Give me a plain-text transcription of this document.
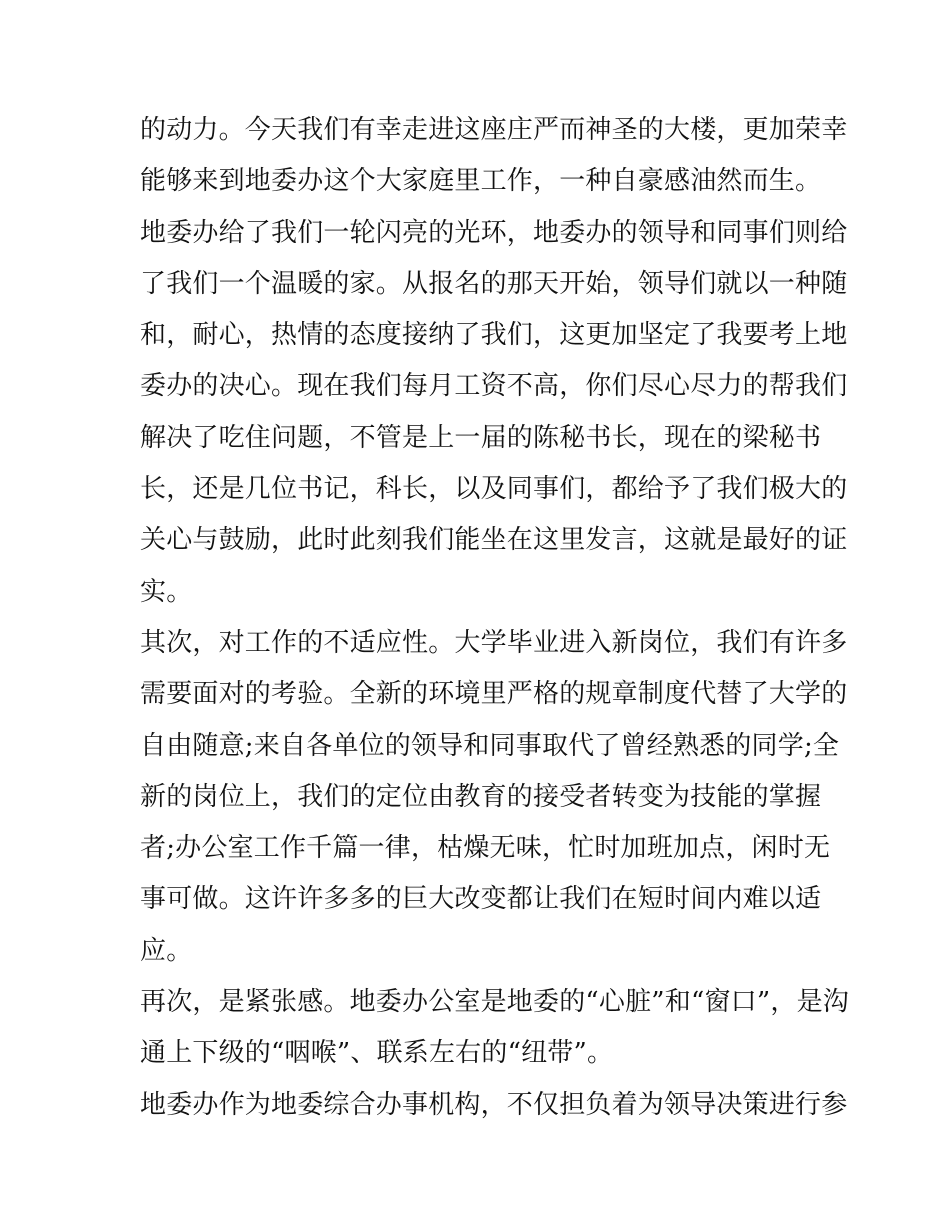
的动力。今天我们有幸走进这座庄严而神圣的大楼，更加荣幸
能够来到地委办这个大家庭里工作，一种自豪感油然而生。
地委办给了我们一轮闪亮的光环，地委办的领导和同事们则给
了我们一个温暖的家。从报名的那天开始，领导们就以一种随
和，耐心，热情的态度接纳了我们，这更加坚定了我要考上地
委办的决心。现在我们每月工资不高，你们尽心尽力的帮我们
解决了吃住问题，不管是上一届的陈秘书长，现在的梁秘书
长，还是几位书记，科长，以及同事们，都给予了我们极大的
关心与鼓励，此时此刻我们能坐在这里发言，这就是最好的证
实。
其次，对工作的不适应性。大学毕业进入新岗位，我们有许多
需要面对的考验。全新的环境里严格的规章制度代替了大学的
自由随意;来自各单位的领导和同事取代了曾经熟悉的同学;全
新的岗位上，我们的定位由教育的接受者转变为技能的掌握
者;办公室工作千篇一律，枯燥无味，忙时加班加点，闲时无
事可做。这许许多多的巨大改变都让我们在短时间内难以适
应。
再次，是紧张感。地委办公室是地委的“心脏”和“窗口”，是沟
通上下级的“咽喉”、联系左右的“纽带”。
地委办作为地委综合办事机构，不仅担负着为领导决策进行参
